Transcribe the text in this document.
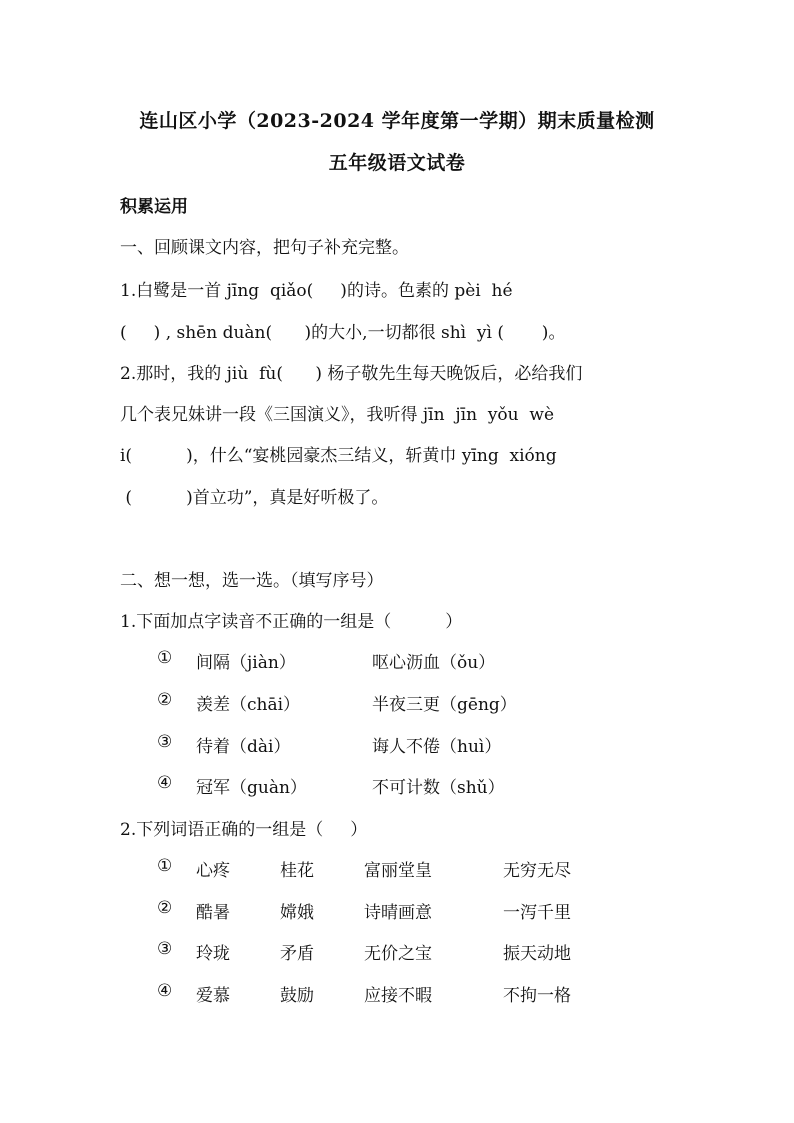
连山区小学（2023-2024 学年度第一学期）期末质量检测
五年级语文试卷
积累运用
一、回顾课文内容，把句子补充完整。
1.白鹭是一首 jīng  qiǎo(     )的诗。色素的 pèi  hé
(     ) , shēn duàn(      )的大小,一切都很 shì  yì (       )。
2.那时，我的 jiù  fù(      ) 杨子敬先生每天晚饭后，必给我们
几个表兄妹讲一段《三国演义》，我听得 jīn  jīn  yǒu  wè
i(          )，什么“宴桃园豪杰三结义，斩黄巾 yīng  xióng
(          )首立功”，真是好听极了。
二、想一想，选一选。（填写序号）
1.下面加点字读音不正确的一组是（          ）
① 间隔（jiàn）	呕心沥血（ǒu）
② 羡差（chāi）	半夜三更（gēng）
③ 待着（dài）	诲人不倦（huì）
④ 冠军（guàn）	不可计数（shǔ）
2.下列词语正确的一组是（     ）
① 心疼	桂花	富丽堂皇	无穷无尽
② 酷暑	嫦娥	诗晴画意	一泻千里
③ 玲珑	矛盾	无价之宝	振天动地
④ 爱慕	鼓励	应接不暇	不拘一格
